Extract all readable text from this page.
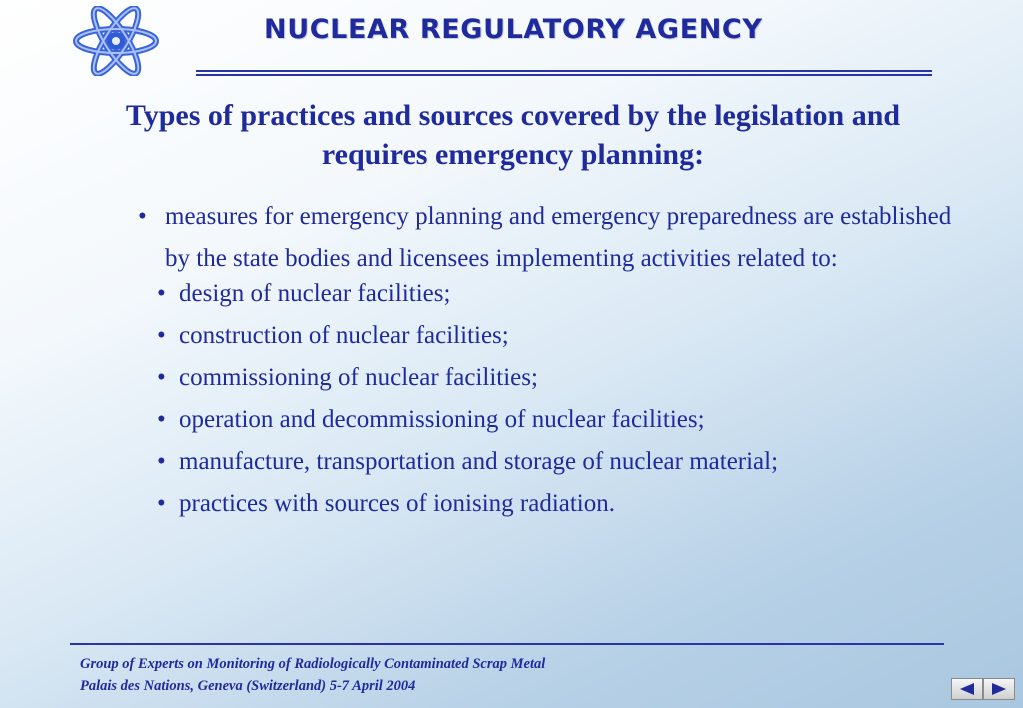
NUCLEAR REGULATORY AGENCY
Types of practices and sources covered by the legislation and requires emergency planning:
• measures for emergency planning and emergency preparedness are established by the state bodies and licensees implementing activities related to:
• design of nuclear facilities;
• construction of nuclear facilities;
• commissioning of nuclear facilities;
• operation and decommissioning of nuclear facilities;
• manufacture, transportation and storage of nuclear material;
• practices with sources of ionising radiation.
Group of Experts on Monitoring of Radiologically Contaminated Scrap Metal
Palais des Nations, Geneva (Switzerland) 5-7 April 2004
